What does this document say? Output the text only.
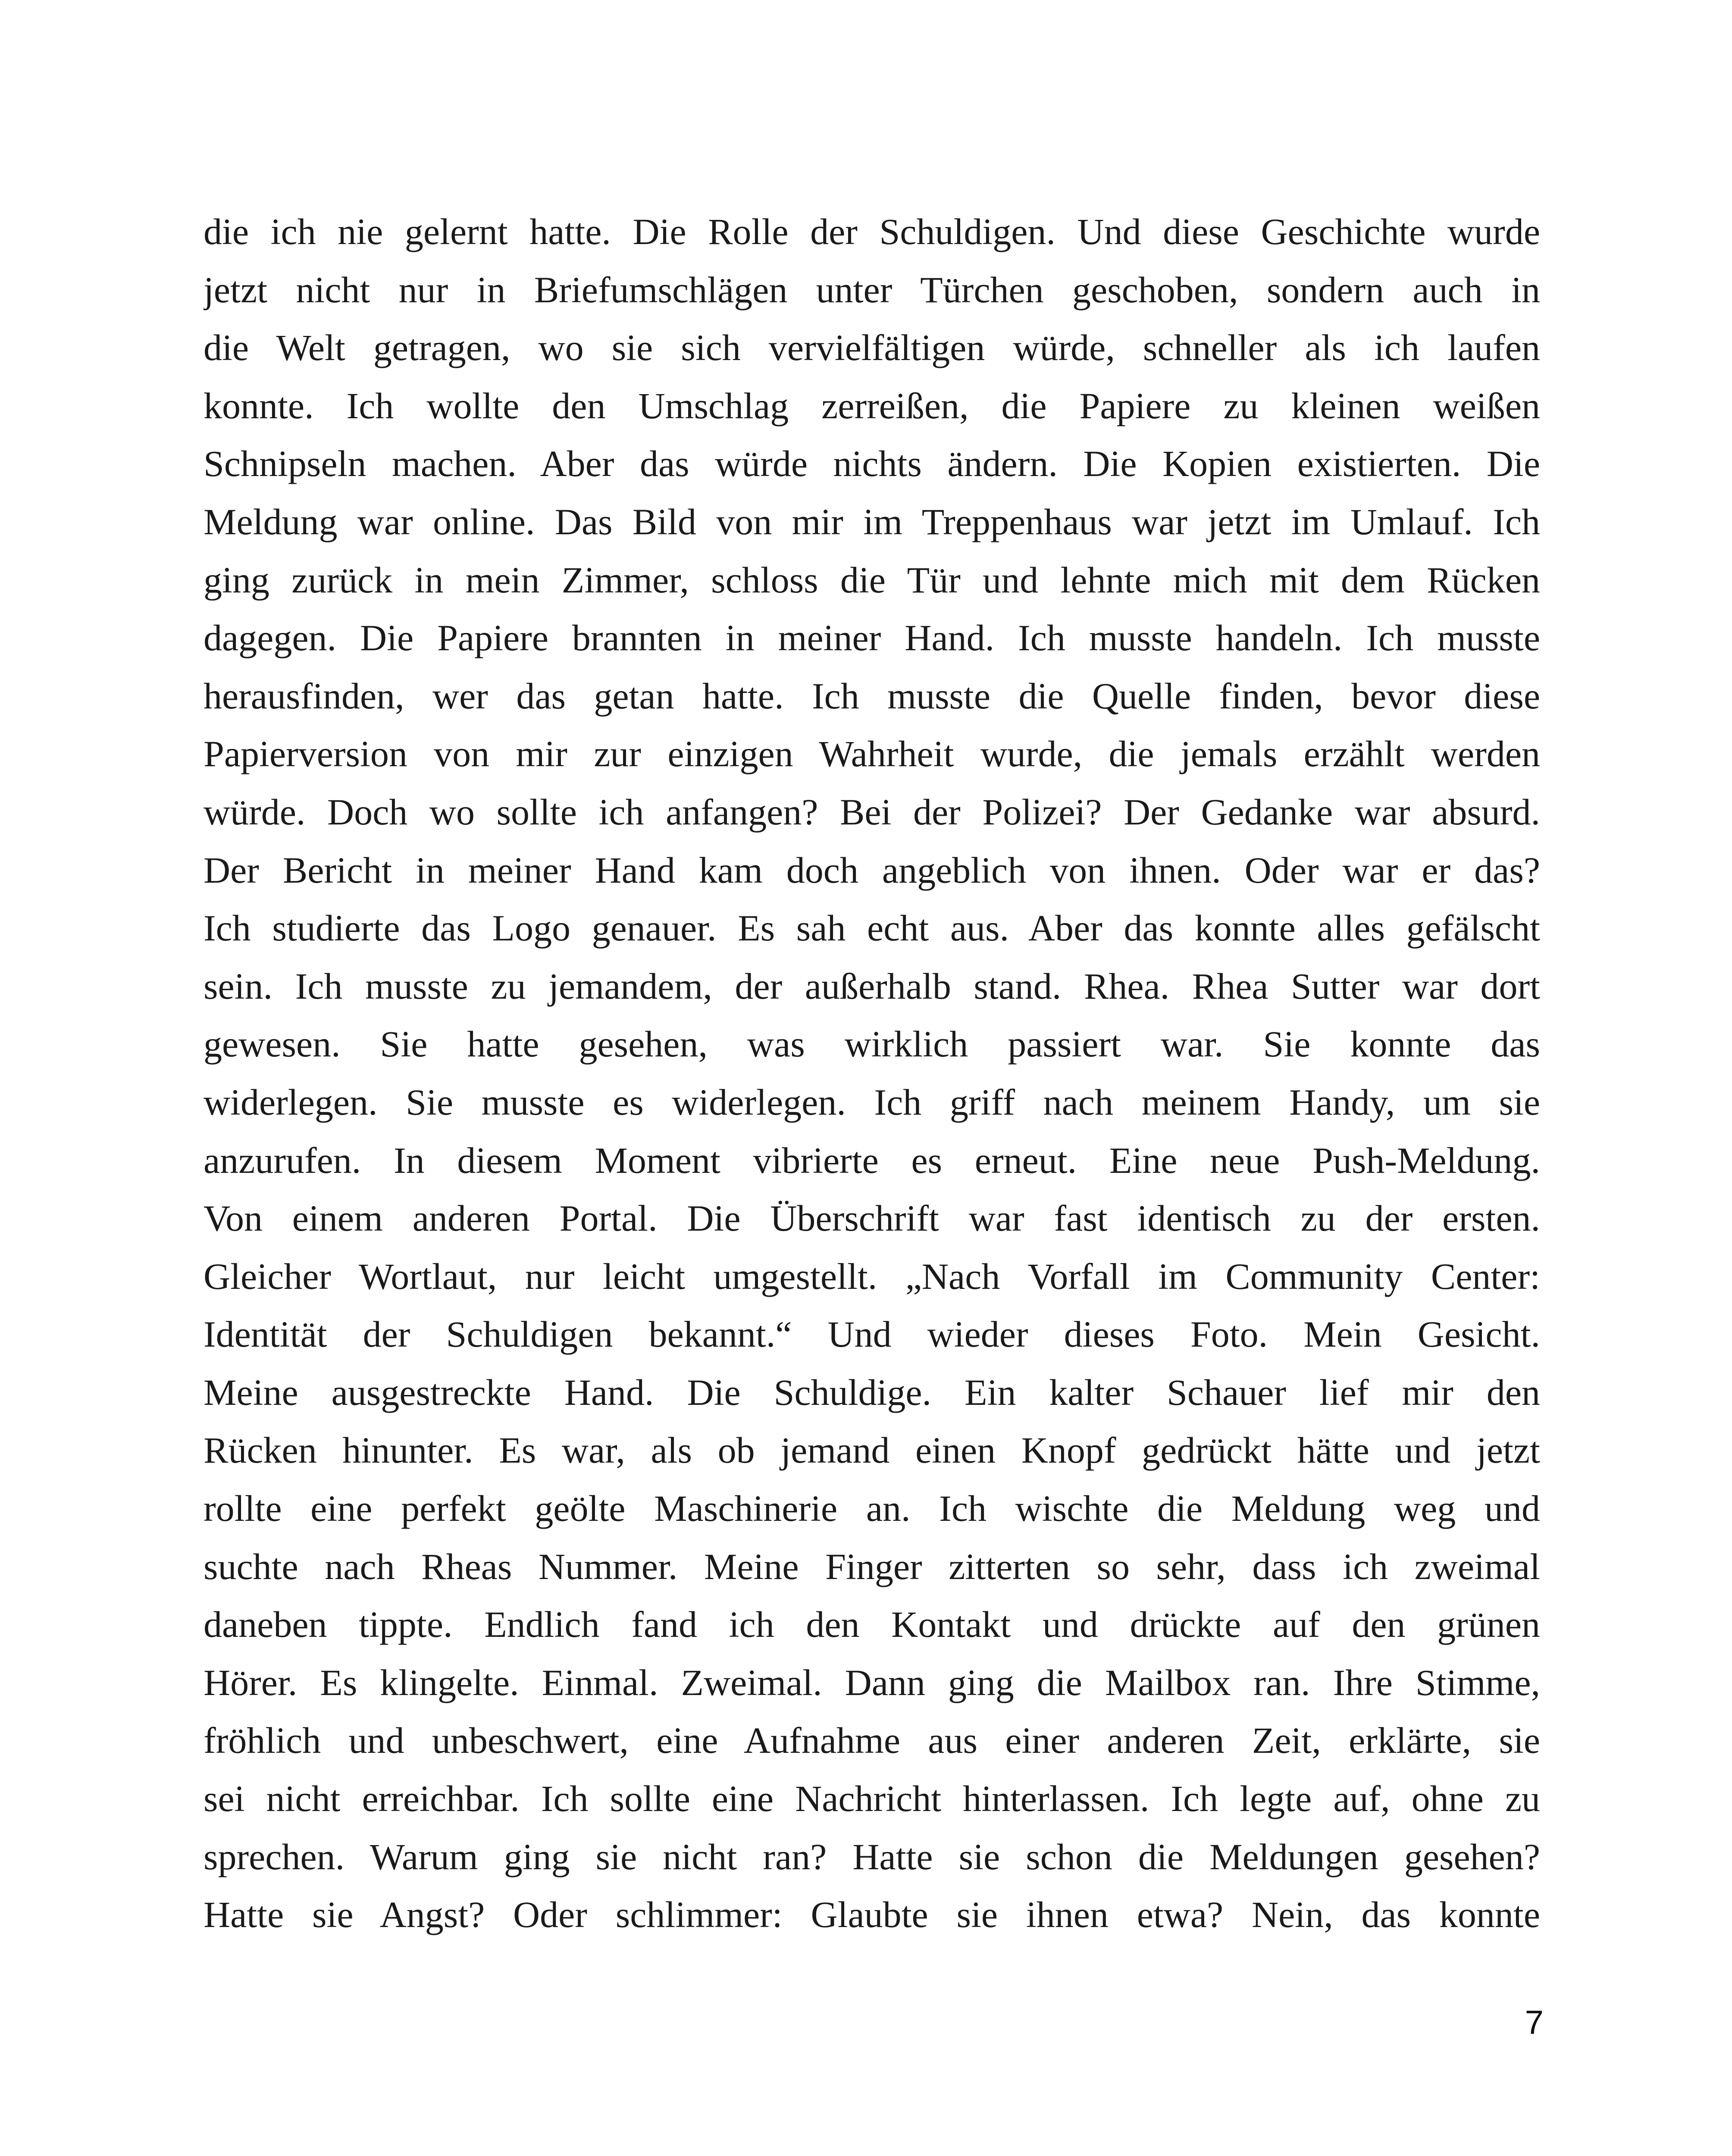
die ich nie gelernt hatte. Die Rolle der Schuldigen. Und diese Geschichte wurde
jetzt nicht nur in Briefumschlägen unter Türchen geschoben, sondern auch in
die Welt getragen, wo sie sich vervielfältigen würde, schneller als ich laufen
konnte. Ich wollte den Umschlag zerreißen, die Papiere zu kleinen weißen
Schnipseln machen. Aber das würde nichts ändern. Die Kopien existierten. Die
Meldung war online. Das Bild von mir im Treppenhaus war jetzt im Umlauf. Ich
ging zurück in mein Zimmer, schloss die Tür und lehnte mich mit dem Rücken
dagegen. Die Papiere brannten in meiner Hand. Ich musste handeln. Ich musste
herausfinden, wer das getan hatte. Ich musste die Quelle finden, bevor diese
Papierversion von mir zur einzigen Wahrheit wurde, die jemals erzählt werden
würde. Doch wo sollte ich anfangen? Bei der Polizei? Der Gedanke war absurd.
Der Bericht in meiner Hand kam doch angeblich von ihnen. Oder war er das?
Ich studierte das Logo genauer. Es sah echt aus. Aber das konnte alles gefälscht
sein. Ich musste zu jemandem, der außerhalb stand. Rhea. Rhea Sutter war dort
gewesen. Sie hatte gesehen, was wirklich passiert war. Sie konnte das
widerlegen. Sie musste es widerlegen. Ich griff nach meinem Handy, um sie
anzurufen. In diesem Moment vibrierte es erneut. Eine neue Push-Meldung.
Von einem anderen Portal. Die Überschrift war fast identisch zu der ersten.
Gleicher Wortlaut, nur leicht umgestellt. „Nach Vorfall im Community Center:
Identität der Schuldigen bekannt.“ Und wieder dieses Foto. Mein Gesicht.
Meine ausgestreckte Hand. Die Schuldige. Ein kalter Schauer lief mir den
Rücken hinunter. Es war, als ob jemand einen Knopf gedrückt hätte und jetzt
rollte eine perfekt geölte Maschinerie an. Ich wischte die Meldung weg und
suchte nach Rheas Nummer. Meine Finger zitterten so sehr, dass ich zweimal
daneben tippte. Endlich fand ich den Kontakt und drückte auf den grünen
Hörer. Es klingelte. Einmal. Zweimal. Dann ging die Mailbox ran. Ihre Stimme,
fröhlich und unbeschwert, eine Aufnahme aus einer anderen Zeit, erklärte, sie
sei nicht erreichbar. Ich sollte eine Nachricht hinterlassen. Ich legte auf, ohne zu
sprechen. Warum ging sie nicht ran? Hatte sie schon die Meldungen gesehen?
Hatte sie Angst? Oder schlimmer: Glaubte sie ihnen etwa? Nein, das konnte
7
